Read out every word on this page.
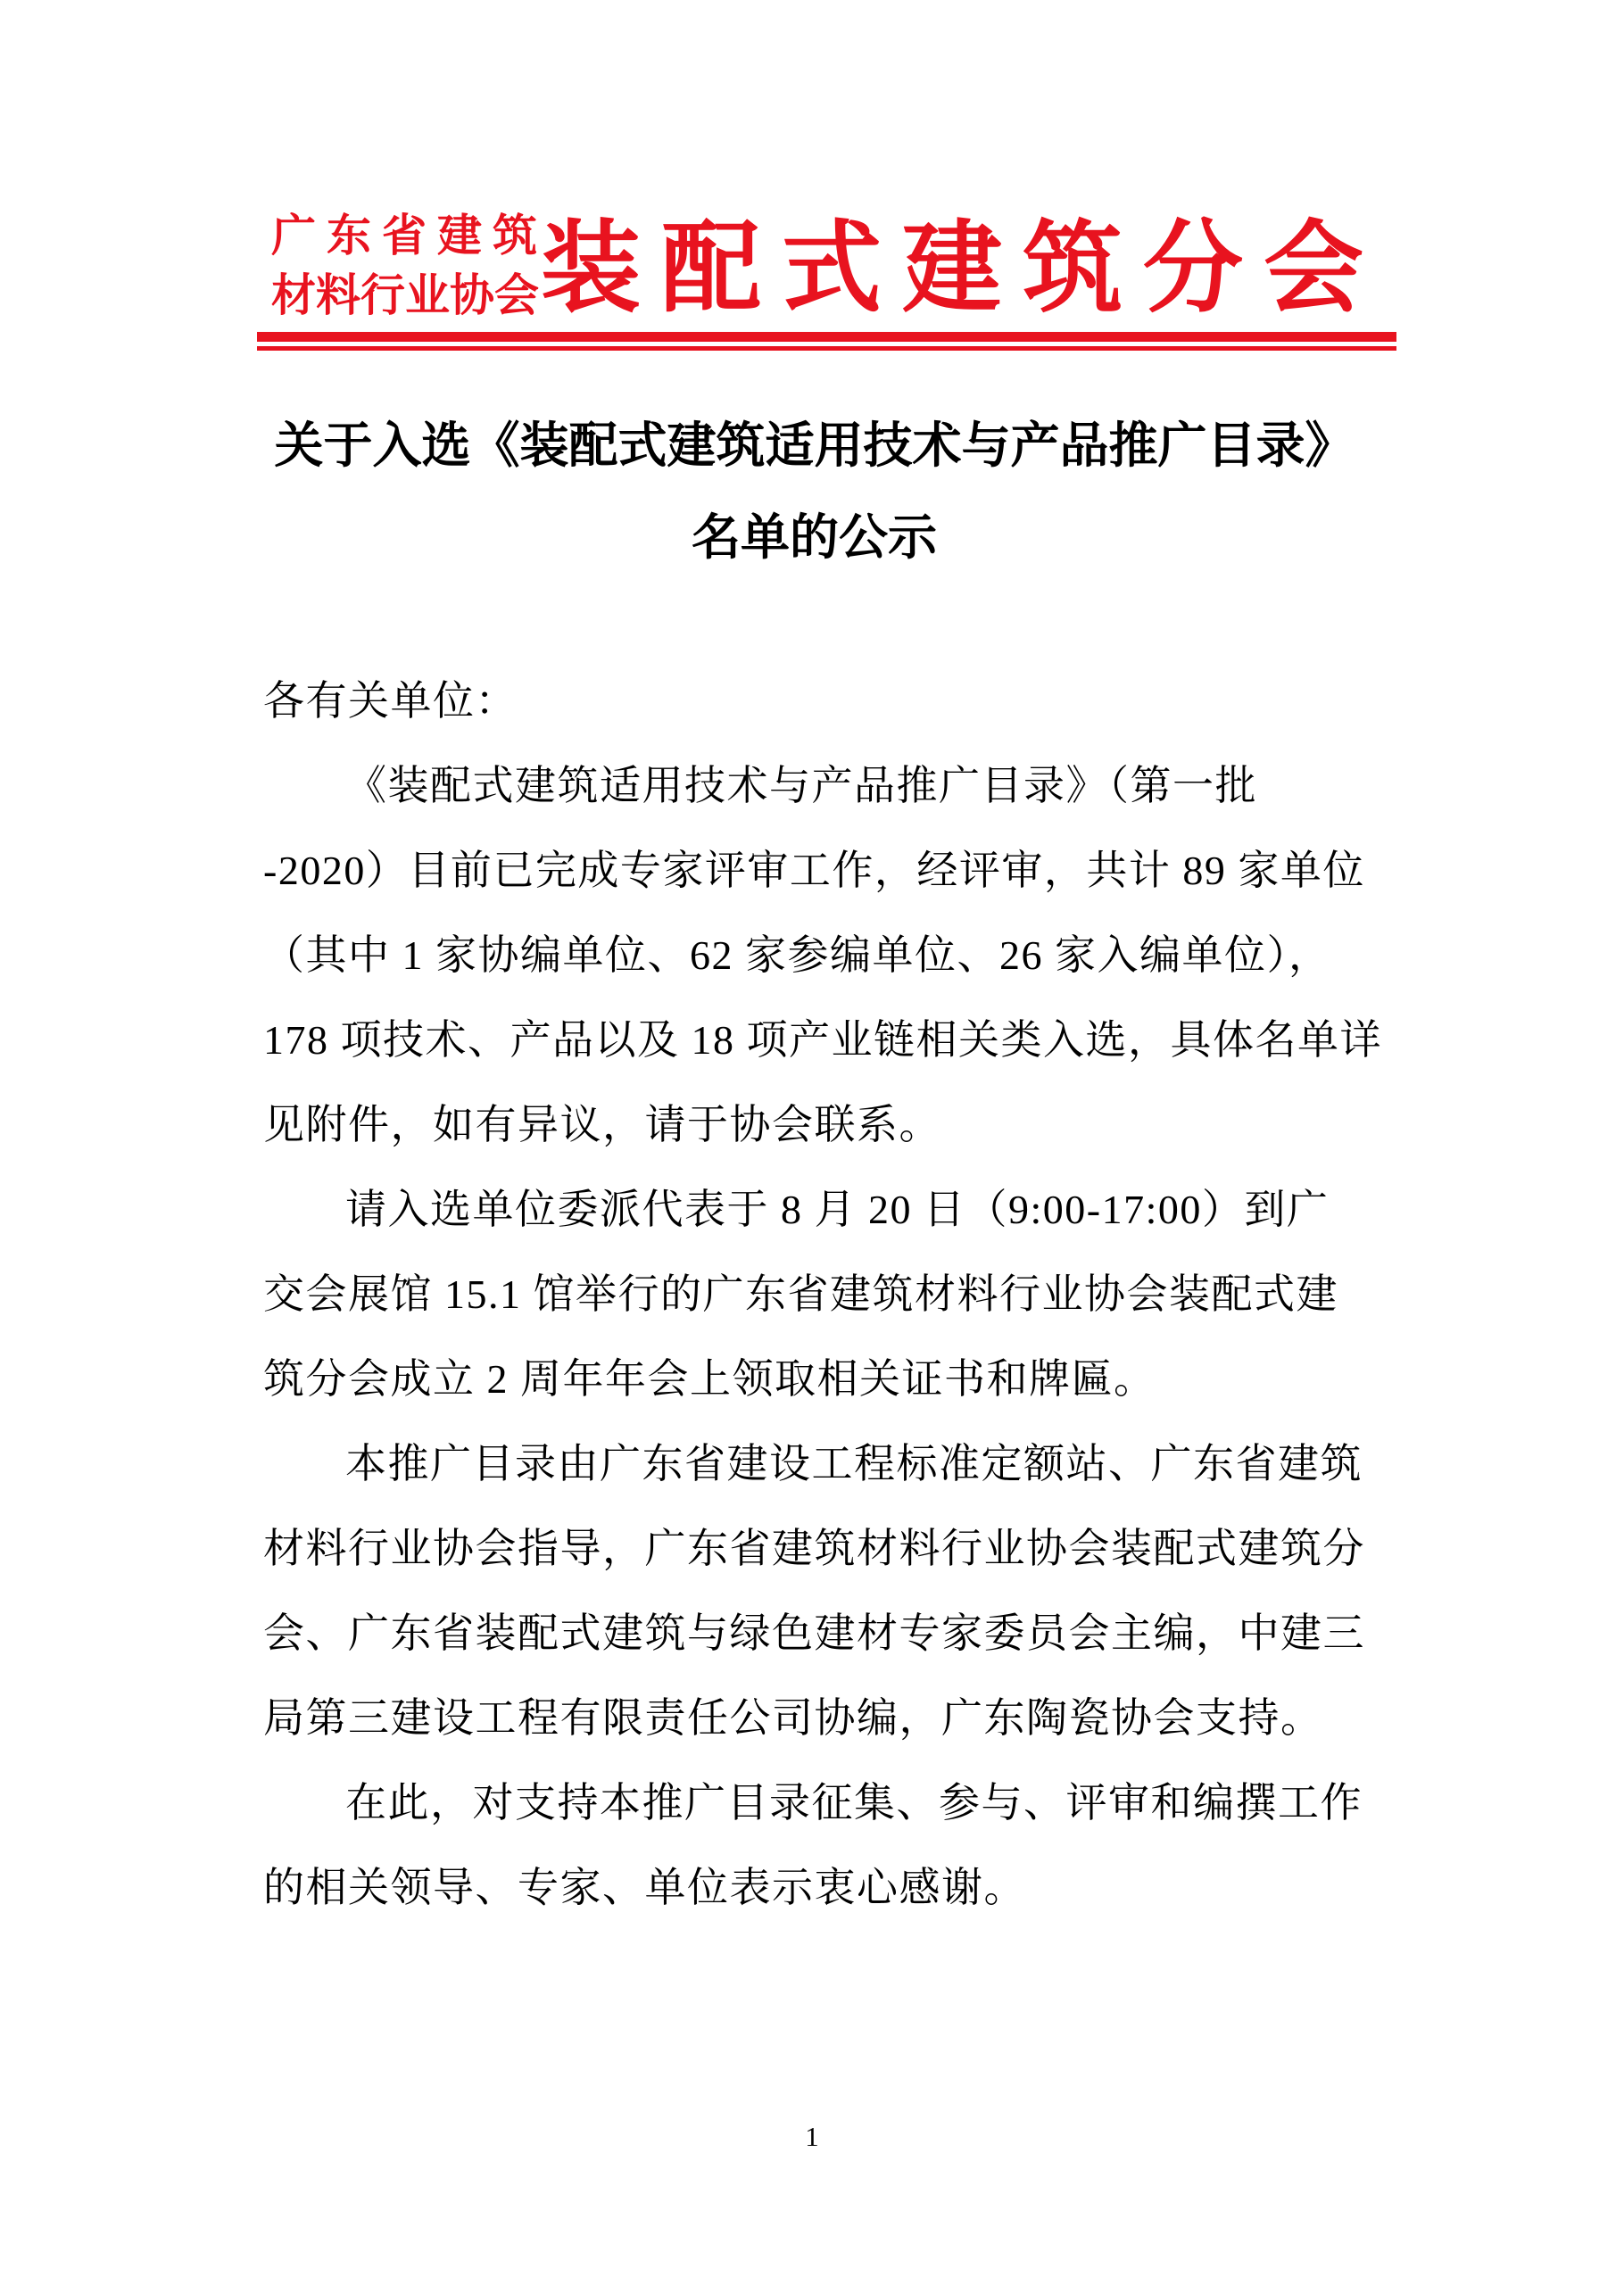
广东省建筑
材料行业协会 装配式建筑分会
关于入选《装配式建筑适用技术与产品推广目录》
名单的公示
各有关单位：
《装配式建筑适用技术与产品推广目录》（第一批
-2020）目前已完成专家评审工作，经评审，共计 89 家单位
（其中 1 家协编单位、62 家参编单位、26 家入编单位），
178 项技术、产品以及 18 项产业链相关类入选，具体名单详
见附件，如有异议，请于协会联系。
请入选单位委派代表于 8 月 20 日（9:00-17:00）到广
交会展馆 15.1 馆举行的广东省建筑材料行业协会装配式建
筑分会成立 2 周年年会上领取相关证书和牌匾。
本推广目录由广东省建设工程标准定额站、广东省建筑
材料行业协会指导，广东省建筑材料行业协会装配式建筑分
会、广东省装配式建筑与绿色建材专家委员会主编，中建三
局第三建设工程有限责任公司协编，广东陶瓷协会支持。
在此，对支持本推广目录征集、参与、评审和编撰工作
的相关领导、专家、单位表示衷心感谢。
1
